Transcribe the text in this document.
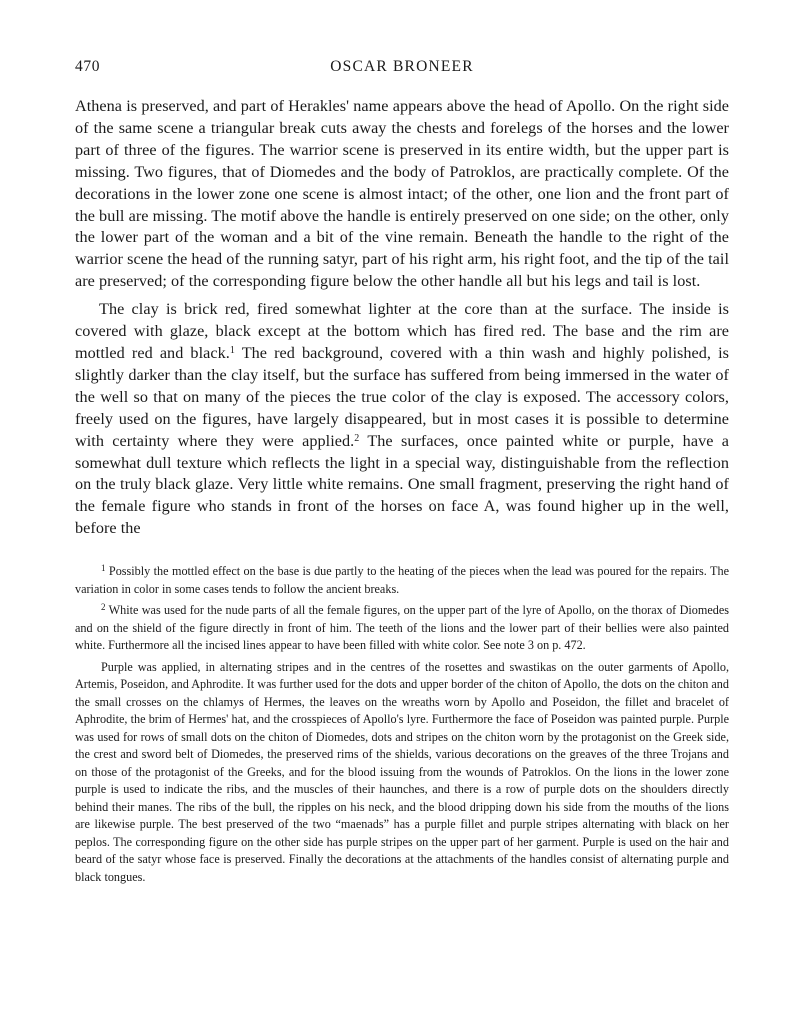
470	OSCAR BRONEER

Athena is preserved, and part of Herakles' name appears above the head of Apollo. On the right side of the same scene a triangular break cuts away the chests and forelegs of the horses and the lower part of three of the figures. The warrior scene is preserved in its entire width, but the upper part is missing. Two figures, that of Diomedes and the body of Patroklos, are practically complete. Of the decorations in the lower zone one scene is almost intact; of the other, one lion and the front part of the bull are missing. The motif above the handle is entirely preserved on one side; on the other, only the lower part of the woman and a bit of the vine remain. Beneath the handle to the right of the warrior scene the head of the running satyr, part of his right arm, his right foot, and the tip of the tail are preserved; of the corresponding figure below the other handle all but his legs and tail is lost.

The clay is brick red, fired somewhat lighter at the core than at the surface. The inside is covered with glaze, black except at the bottom which has fired red. The base and the rim are mottled red and black.$^1$ The red background, covered with a thin wash and highly polished, is slightly darker than the clay itself, but the surface has suffered from being immersed in the water of the well so that on many of the pieces the true color of the clay is exposed. The accessory colors, freely used on the figures, have largely disappeared, but in most cases it is possible to determine with certainty where they were applied.$^2$ The surfaces, once painted white or purple, have a somewhat dull texture which reflects the light in a special way, distinguishable from the reflection on the truly black glaze. Very little white remains. One small fragment, preserving the right hand of the female figure who stands in front of the horses on face A, was found higher up in the well, before the

$^1$ Possibly the mottled effect on the base is due partly to the heating of the pieces when the lead was poured for the repairs. The variation in color in some cases tends to follow the ancient breaks.

$^2$ White was used for the nude parts of all the female figures, on the upper part of the lyre of Apollo, on the thorax of Diomedes and on the shield of the figure directly in front of him. The teeth of the lions and the lower part of their bellies were also painted white. Furthermore all the incised lines appear to have been filled with white color. See note 3 on p. 472.

Purple was applied, in alternating stripes and in the centres of the rosettes and swastikas on the outer garments of Apollo, Artemis, Poseidon, and Aphrodite. It was further used for the dots and upper border of the chiton of Apollo, the dots on the chiton and the small crosses on the chlamys of Hermes, the leaves on the wreaths worn by Apollo and Poseidon, the fillet and bracelet of Aphrodite, the brim of Hermes' hat, and the crosspieces of Apollo's lyre. Furthermore the face of Poseidon was painted purple. Purple was used for rows of small dots on the chiton of Diomedes, dots and stripes on the chiton worn by the protagonist on the Greek side, the crest and sword belt of Diomedes, the preserved rims of the shields, various decorations on the greaves of the three Trojans and on those of the protagonist of the Greeks, and for the blood issuing from the wounds of Patroklos. On the lions in the lower zone purple is used to indicate the ribs, and the muscles of their haunches, and there is a row of purple dots on the shoulders directly behind their manes. The ribs of the bull, the ripples on his neck, and the blood dripping down his side from the mouths of the lions are likewise purple. The best preserved of the two “maenads” has a purple fillet and purple stripes alternating with black on her peplos. The corresponding figure on the other side has purple stripes on the upper part of her garment. Purple is used on the hair and beard of the satyr whose face is preserved. Finally the decorations at the attachments of the handles consist of alternating purple and black tongues.
